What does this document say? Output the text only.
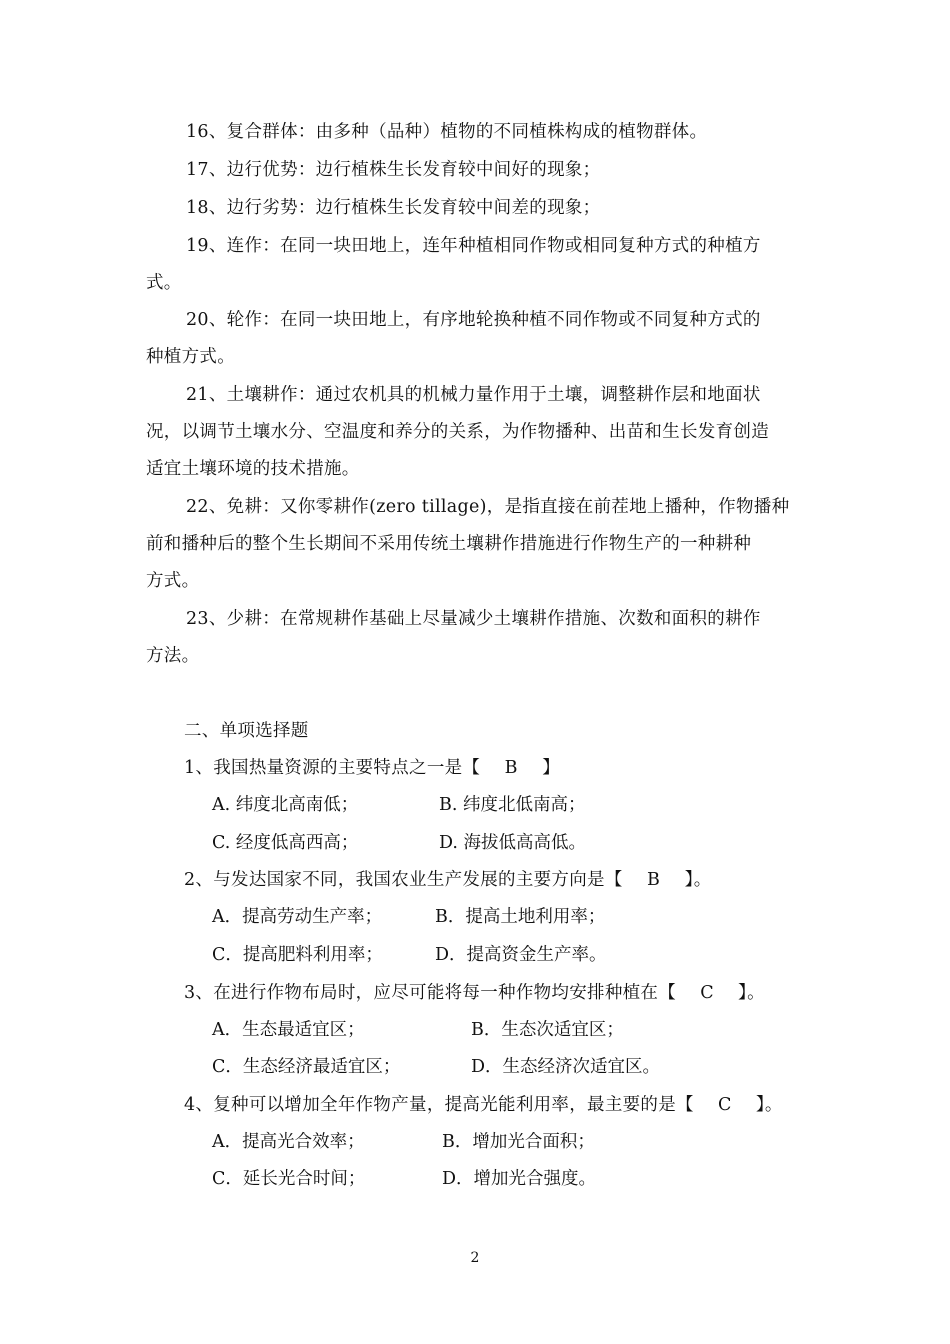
16、复合群体：由多种（品种）植物的不同植株构成的植物群体。
17、边行优势：边行植株生长发育较中间好的现象；
18、边行劣势：边行植株生长发育较中间差的现象；
19、连作：在同一块田地上，连年种植相同作物或相同复种方式的种植方
式。
20、轮作：在同一块田地上，有序地轮换种植不同作物或不同复种方式的
种植方式。
21、土壤耕作：通过农机具的机械力量作用于土壤，调整耕作层和地面状
况，以调节土壤水分、空温度和养分的关系，为作物播种、出苗和生长发育创造
适宜土壤环境的技术措施。
22、免耕：又你零耕作(zero tillage)，是指直接在前茬地上播种，作物播种
前和播种后的整个生长期间不采用传统土壤耕作措施进行作物生产的一种耕种
方式。
23、少耕：在常规耕作基础上尽量减少土壤耕作措施、次数和面积的耕作
方法。
二、单项选择题
1、我国热量资源的主要特点之一是【 B 】
A. 纬度北高南低；	B. 纬度北低南高；
C. 经度低高西高；	D. 海拔低高高低。
2、与发达国家不同，我国农业生产发展的主要方向是【 B 】。
A．提高劳动生产率；	B．提高土地利用率；
C．提高肥料利用率；	D．提高资金生产率。
3、在进行作物布局时，应尽可能将每一种作物均安排种植在【 C 】。
A．生态最适宜区；	B．生态次适宜区；
C．生态经济最适宜区；	D．生态经济次适宜区。
4、复种可以增加全年作物产量，提高光能利用率，最主要的是【 C 】。
A．提高光合效率；	B．增加光合面积；
C．延长光合时间；	D．增加光合强度。
2
